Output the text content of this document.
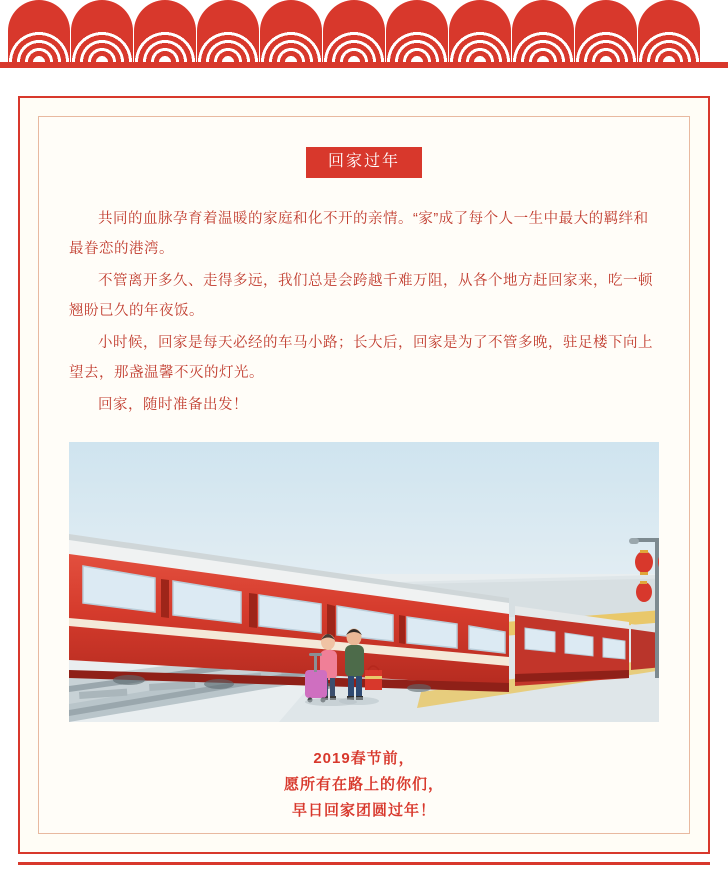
回家过年

共同的血脉孕育着温暖的家庭和化不开的亲情。“家”成了每个人一生中最大的羁绊和最眷恋的港湾。

不管离开多久、走得多远，我们总是会跨越千难万阻，从各个地方赶回家来，吃一顿翘盼已久的年夜饭。

小时候，回家是每天必经的车马小路；长大后，回家是为了不管多晚，驻足楼下向上望去，那盏温馨不灭的灯光。

回家，随时准备出发！

2019春节前，
愿所有在路上的你们，
早日回家团圆过年！
